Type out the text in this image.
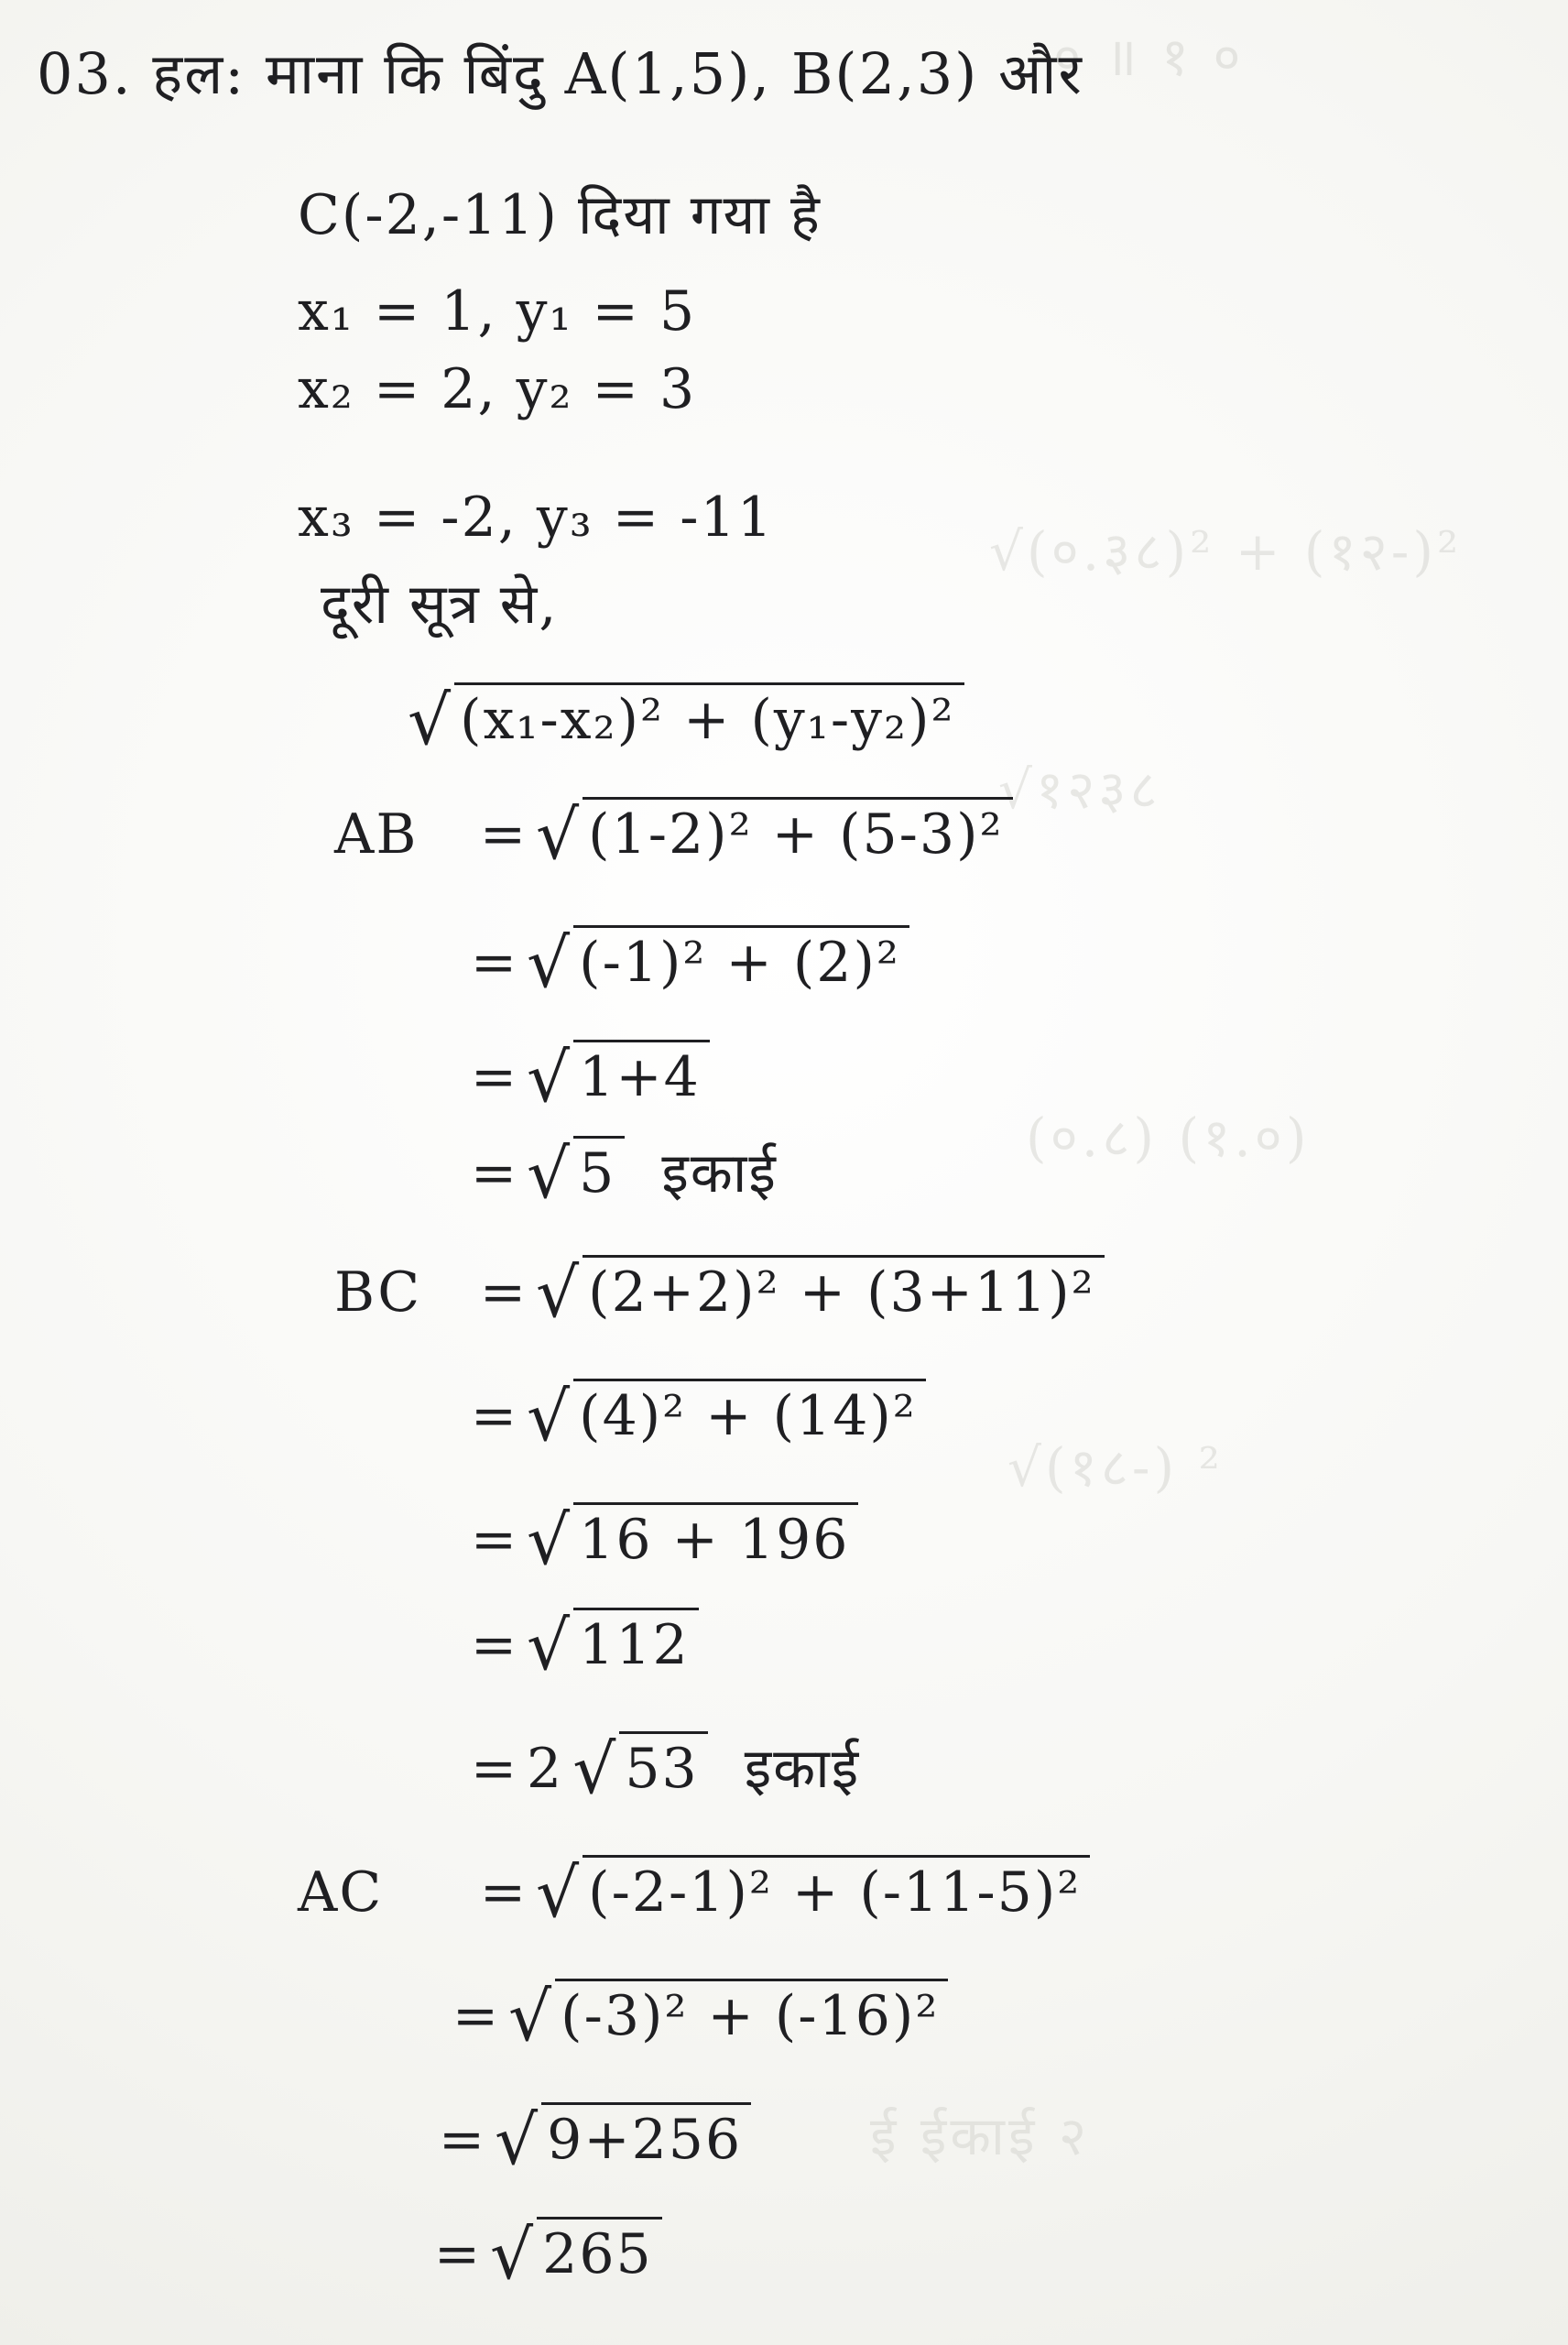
० ॥ १ ०
√(०.३८)² + (१२-)²
√१२३८
(०.८) (१.०)
√(१८-) ²
ई ईकाई २
03. हल: माना कि बिंदु A(1,5), B(2,3) और
C(-2,-11) दिया गया है
x₁ = 1, y₁ = 5
x₂ = 2, y₂ = 3
x₃ = -2, y₃ = -11
दूरी सूत्र से,
√ (x₁-x₂)² + (y₁-y₂)²
AB = √ (1-2)² + (5-3)²
= √ (-1)² + (2)²
= √ 1+4
= √ 5 इकाई
BC = √ (2+2)² + (3+11)²
= √ (4)² + (14)²
= √ 16 + 196
= √ 112
= 2 √ 53 इकाई
AC = √ (-2-1)² + (-11-5)²
= √ (-3)² + (-16)²
= √ 9+256
= √ 265
